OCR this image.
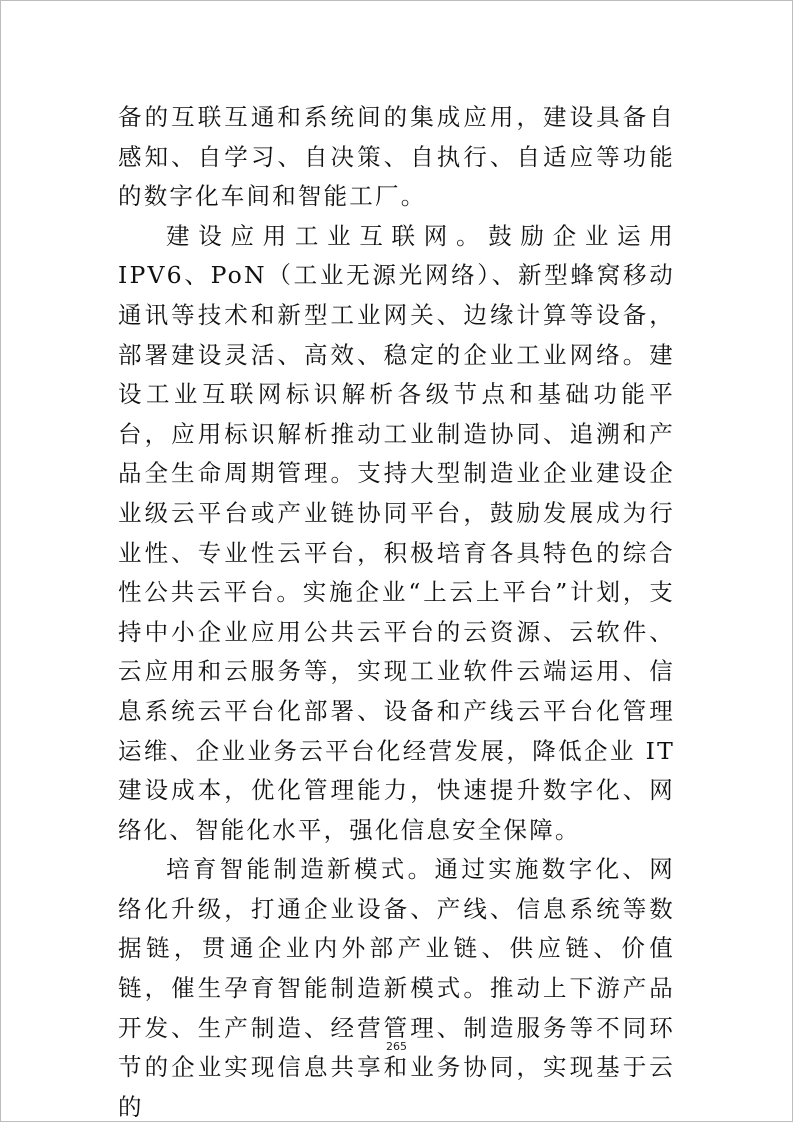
备的互联互通和系统间的集成应用，建设具备自感知、自学习、自决策、自执行、自适应等功能的数字化车间和智能工厂。

建设应用工业互联网。鼓励企业运用 IPV6、PoN（工业无源光网络）、新型蜂窝移动通讯等技术和新型工业网关、边缘计算等设备，部署建设灵活、高效、稳定的企业工业网络。建设工业互联网标识解析各级节点和基础功能平台，应用标识解析推动工业制造协同、追溯和产品全生命周期管理。支持大型制造业企业建设企业级云平台或产业链协同平台，鼓励发展成为行业性、专业性云平台，积极培育各具特色的综合性公共云平台。实施企业“上云上平台”计划，支持中小企业应用公共云平台的云资源、云软件、云应用和云服务等，实现工业软件云端运用、信息系统云平台化部署、设备和产线云平台化管理运维、企业业务云平台化经营发展，降低企业 IT 建设成本，优化管理能力，快速提升数字化、网络化、智能化水平，强化信息安全保障。

培育智能制造新模式。通过实施数字化、网络化升级，打通企业设备、产线、信息系统等数据链，贯通企业内外部产业链、供应链、价值链，催生孕育智能制造新模式。推动上下游产品开发、生产制造、经营管理、制造服务等不同环节的企业实现信息共享和业务协同，实现基于云的

265
